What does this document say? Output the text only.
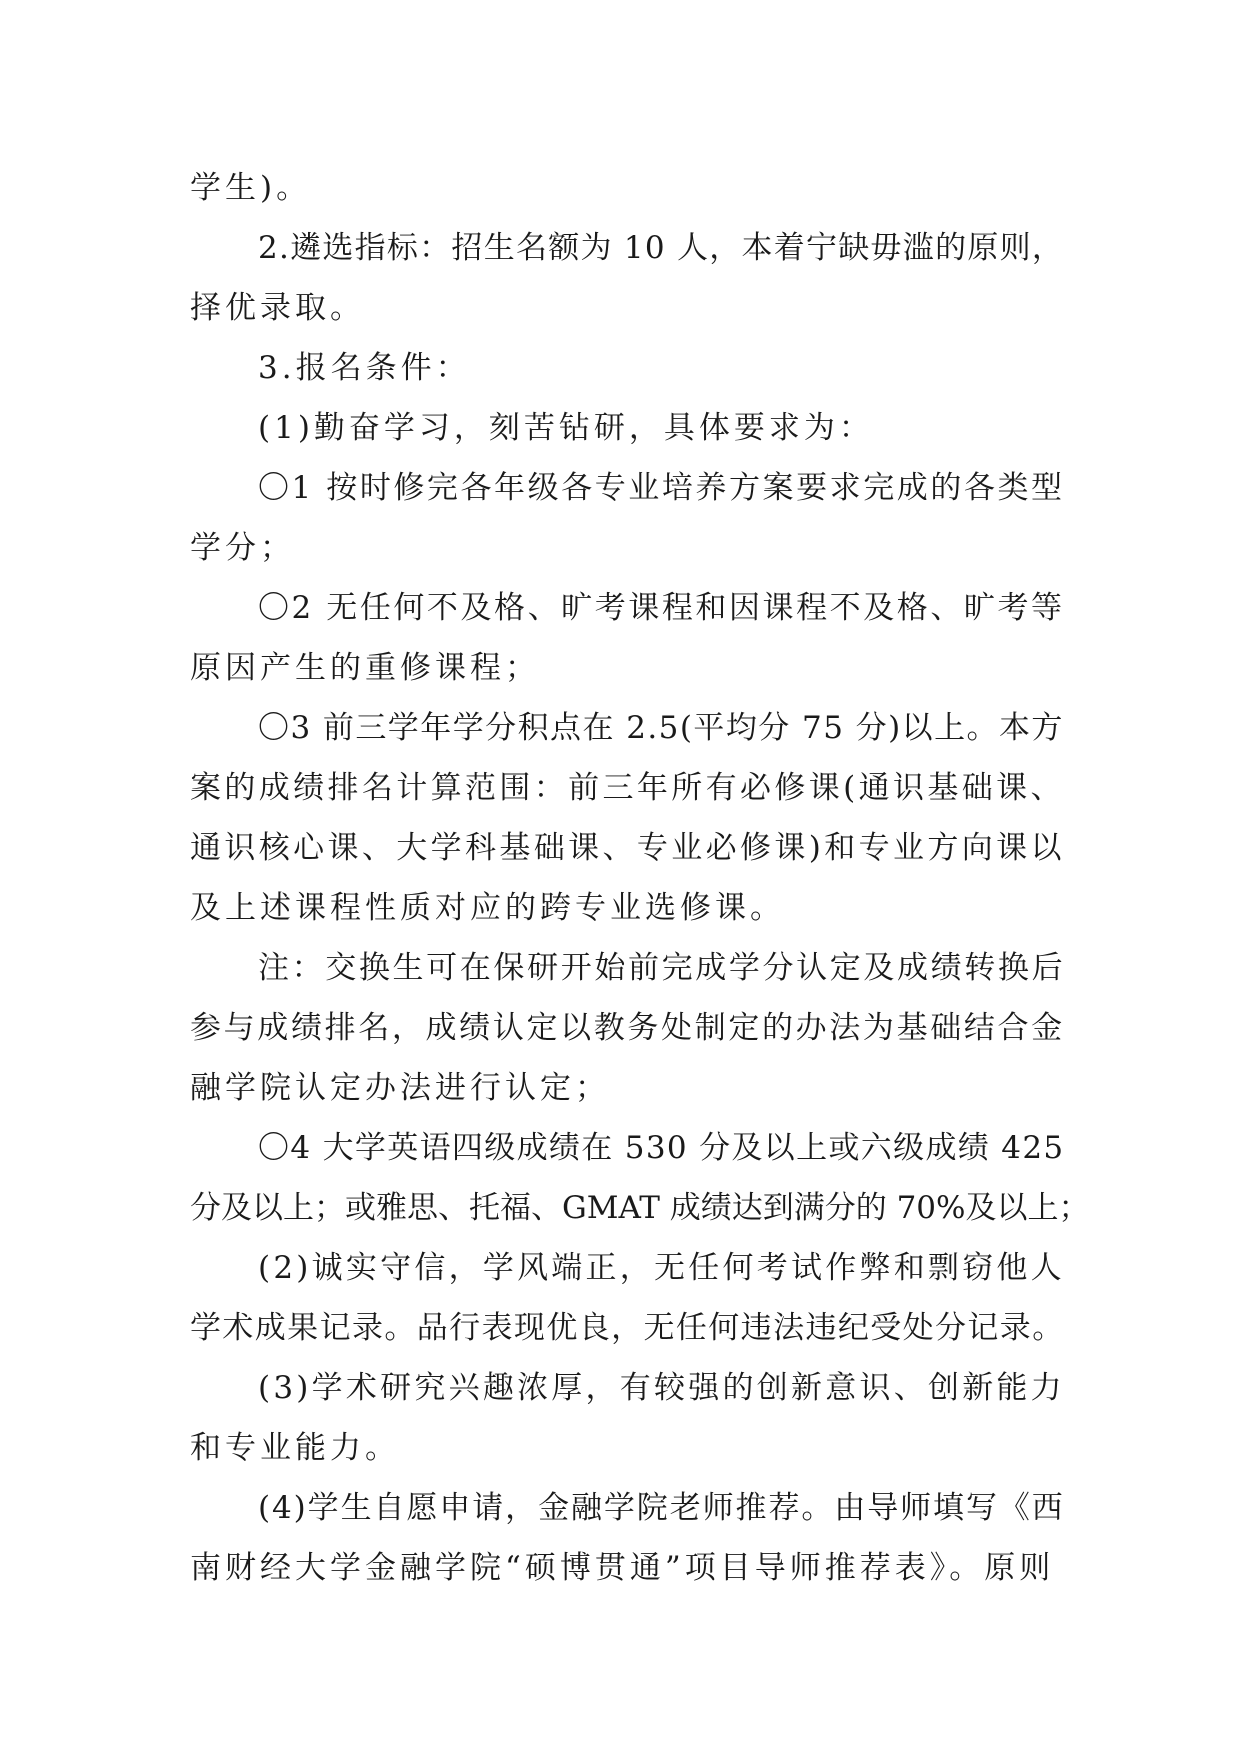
学生)。
2.遴选指标：招生名额为 10 人，本着宁缺毋滥的原则，
择优录取。
3.报名条件：
(1)勤奋学习，刻苦钻研，具体要求为：
〇1 按时修完各年级各专业培养方案要求完成的各类型
学分；
〇2 无任何不及格、旷考课程和因课程不及格、旷考等
原因产生的重修课程；
〇3 前三学年学分积点在 2.5(平均分 75 分)以上。本方
案的成绩排名计算范围：前三年所有必修课(通识基础课、
通识核心课、大学科基础课、专业必修课)和专业方向课以
及上述课程性质对应的跨专业选修课。
注：交换生可在保研开始前完成学分认定及成绩转换后
参与成绩排名，成绩认定以教务处制定的办法为基础结合金
融学院认定办法进行认定；
〇4 大学英语四级成绩在 530 分及以上或六级成绩 425
分及以上；或雅思、托福、GMAT 成绩达到满分的 70%及以上；
(2)诚实守信，学风端正，无任何考试作弊和剽窃他人
学术成果记录。品行表现优良，无任何违法违纪受处分记录。
(3)学术研究兴趣浓厚，有较强的创新意识、创新能力
和专业能力。
(4)学生自愿申请，金融学院老师推荐。由导师填写《西
南财经大学金融学院“硕博贯通”项目导师推荐表》。原则
